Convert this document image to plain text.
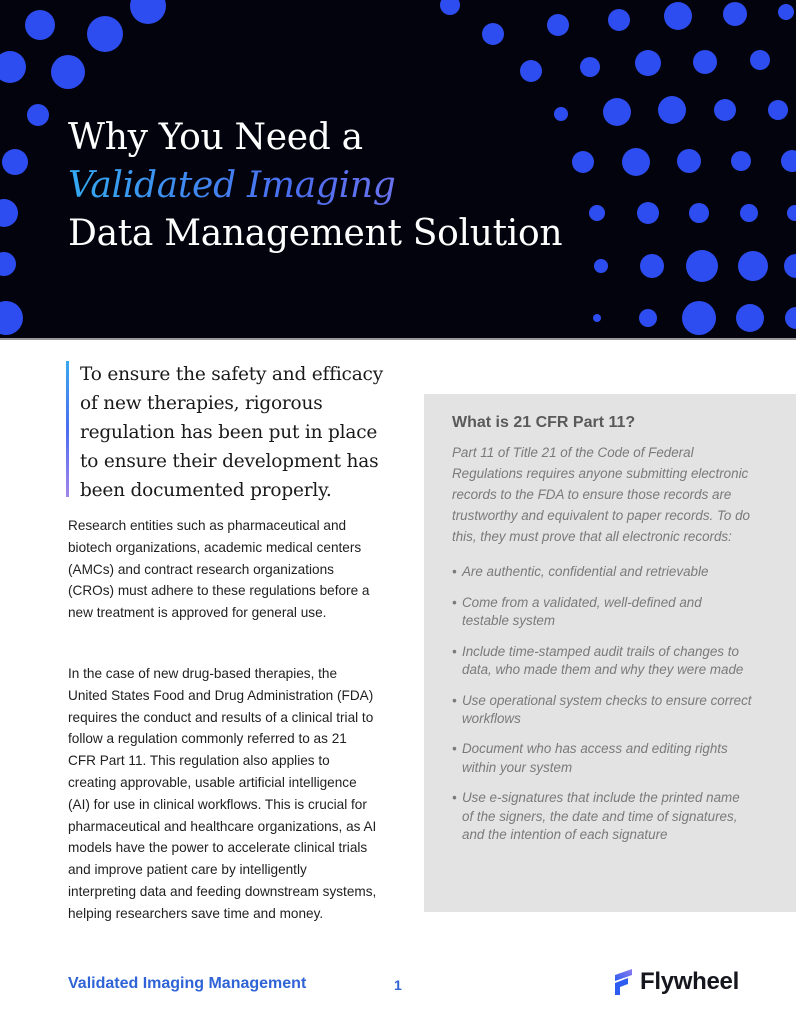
Why You Need a
Validated Imaging
Data Management Solution

To ensure the safety and efficacy of new therapies, rigorous regulation has been put in place to ensure their development has been documented properly.

Research entities such as pharmaceutical and biotech organizations, academic medical centers (AMCs) and contract research organizations (CROs) must adhere to these regulations before a new treatment is approved for general use.

In the case of new drug-based therapies, the United States Food and Drug Administration (FDA) requires the conduct and results of a clinical trial to follow a regulation commonly referred to as 21 CFR Part 11. This regulation also applies to creating approvable, usable artificial intelligence (AI) for use in clinical workflows. This is crucial for pharmaceutical and healthcare organizations, as AI models have the power to accelerate clinical trials and improve patient care by intelligently interpreting data and feeding downstream systems, helping researchers save time and money.

What is 21 CFR Part 11?

Part 11 of Title 21 of the Code of Federal Regulations requires anyone submitting electronic records to the FDA to ensure those records are trustworthy and equivalent to paper records. To do this, they must prove that all electronic records:

• Are authentic, confidential and retrievable
• Come from a validated, well-defined and testable system
• Include time-stamped audit trails of changes to data, who made them and why they were made
• Use operational system checks to ensure correct workflows
• Document who has access and editing rights within your system
• Use e-signatures that include the printed name of the signers, the date and time of signatures, and the intention of each signature
Validated Imaging Management	1	Flywheel
